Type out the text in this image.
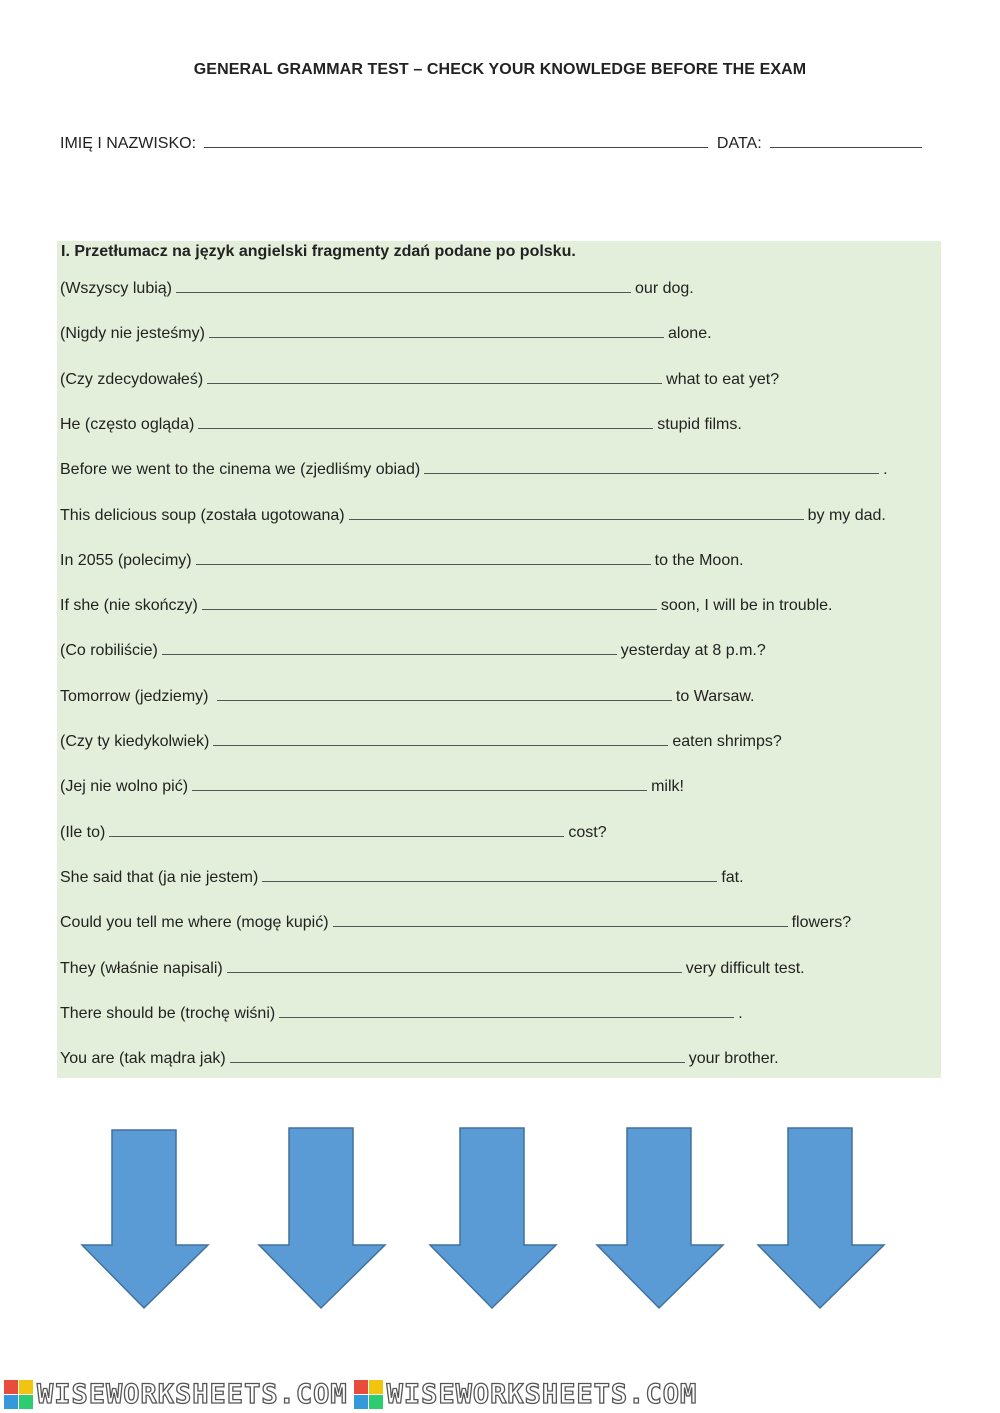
GENERAL GRAMMAR TEST – CHECK YOUR KNOWLEDGE BEFORE THE EXAM
IMIĘ I NAZWISKO:	DATA:
I. Przetłumacz na język angielski fragmenty zdań podane po polsku.
(Wszyscy lubią)	our dog.
(Nigdy nie jesteśmy)	alone.
(Czy zdecydowałeś)	what to eat yet?
He (często ogląda)	stupid films.
Before we went to the cinema we (zjedliśmy obiad)	.
This delicious soup (została ugotowana)	by my dad.
In 2055 (polecimy)	to the Moon.
If she (nie skończy)	soon, I will be in trouble.
(Co robiliście)	yesterday at 8 p.m.?
Tomorrow (jedziemy)	to Warsaw.
(Czy ty kiedykolwiek)	eaten shrimps?
(Jej nie wolno pić)	milk!
(Ile to)	cost?
She said that (ja nie jestem)	fat.
Could you tell me where (mogę kupić)	flowers?
They (właśnie napisali)	very difficult test.
There should be (trochę wiśni)	.
You are (tak mądra jak)	your brother.
WISEWORKSHEETS.COM WISEWORKSHEETS.COM
